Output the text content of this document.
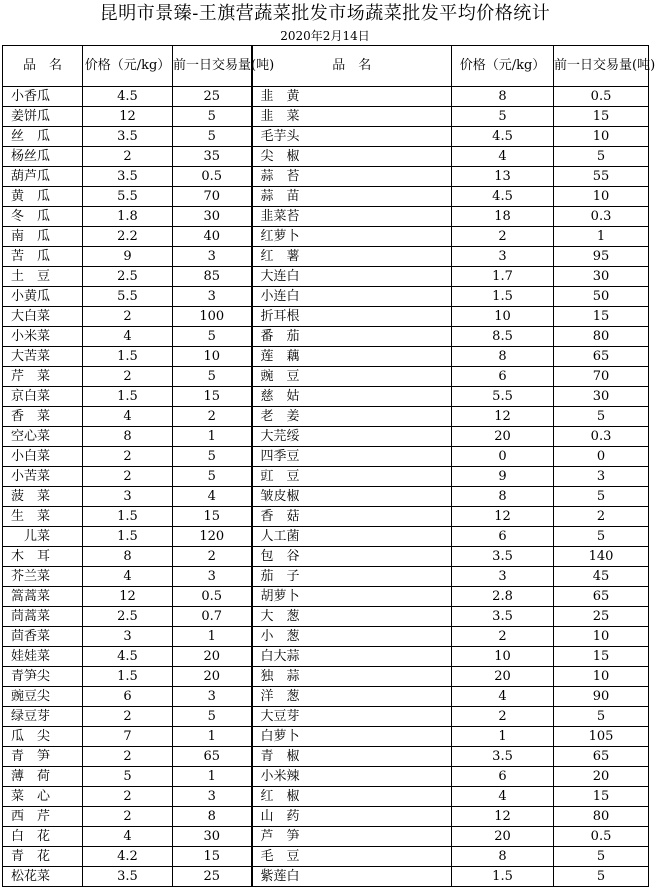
昆明市景臻-王旗营蔬菜批发市场蔬菜批发平均价格统计
2020年2月14日
品　名	价格（元/kg）	前一日交易量(吨)	品　名	价格（元/kg）	前一日交易量(吨)
小香瓜	4.5	25	韭　黄	8	0.5
姜饼瓜	12	5	韭　菜	5	15
丝　瓜	3.5	5	毛芋头	4.5	10
杨丝瓜	2	35	尖　椒	4	5
葫芦瓜	3.5	0.5	蒜　苔	13	55
黄　瓜	5.5	70	蒜　苗	4.5	10
冬　瓜	1.8	30	韭菜苔	18	0.3
南　瓜	2.2	40	红萝卜	2	1
苦　瓜	9	3	红　薯	3	95
土　豆	2.5	85	大连白	1.7	30
小黄瓜	5.5	3	小连白	1.5	50
大白菜	2	100	折耳根	10	15
小米菜	4	5	番　茄	8.5	80
大苦菜	1.5	10	莲　藕	8	65
芹　菜	2	5	豌　豆	6	70
京白菜	1.5	15	慈　姑	5.5	30
香　菜	4	2	老　姜	12	5
空心菜	8	1	大芫绥	20	0.3
小白菜	2	5	四季豆	0	0
小苦菜	2	5	豇　豆	9	3
菠　菜	3	4	皱皮椒	8	5
生　菜	1.5	15	香　菇	12	2
　儿菜	1.5	120	人工菌	6	5
木　耳	8	2	包　谷	3.5	140
芥兰菜	4	3	茄　子	3	45
篙蒿菜	12	0.5	胡萝卜	2.8	65
茼蒿菜	2.5	0.7	大　葱	3.5	25
茴香菜	3	1	小　葱	2	10
娃娃菜	4.5	20	白大蒜	10	15
青笋尖	1.5	20	独　蒜	20	10
豌豆尖	6	3	洋　葱	4	90
绿豆芽	2	5	大豆芽	2	5
瓜　尖	7	1	白萝卜	1	105
青　笋	2	65	青　椒	3.5	65
薄　荷	5	1	小米辣	6	20
菜　心	2	3	红　椒	4	15
西　芹	2	8	山　药	12	80
白　花	4	30	芦　笋	20	0.5
青　花	4.2	15	毛　豆	8	5
松花菜	3.5	25	紫莲白	1.5	5
